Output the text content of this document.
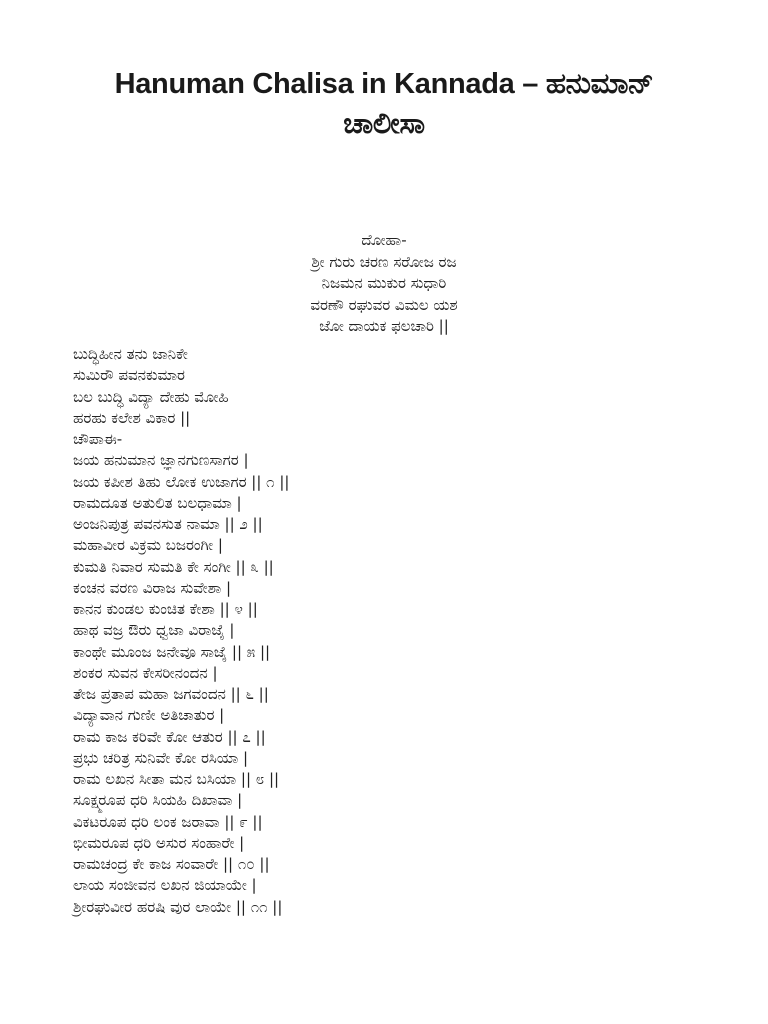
Hanuman Chalisa in Kannada – ಹನುಮಾನ್
ಚಾಲೀಸಾ
ದೋಹಾ-
ಶ್ರೀ ಗುರು ಚರಣ ಸರೋಜ ರಜ
ನಿಜಮನ ಮುಕುರ ಸುಧಾರಿ
ವರಣೌ ರಘುವರ ವಿಮಲ ಯಶ
ಜೋ ದಾಯಕ ಫಲಚಾರಿ ||
ಬುದ್ಧಿಹೀನ ತನು ಜಾನಿಕೇ
ಸುಮಿರೌ ಪವನಕುಮಾರ
ಬಲ ಬುದ್ಧಿ ವಿದ್ಯಾ ದೇಹು ಮೋಹಿ
ಹರಹು ಕಲೇಶ ವಿಕಾರ ||
ಚೌಪಾಈ-
ಜಯ ಹನುಮಾನ ಜ್ಞಾನಗುಣಸಾಗರ |
ಜಯ ಕಪೀಶ ತಿಹು ಲೋಕ ಉಜಾಗರ || ೧ ||
ರಾಮದೂತ ಅತುಲಿತ ಬಲಧಾಮಾ |
ಅಂಜನಿಪುತ್ರ ಪವನಸುತ ನಾಮಾ || ೨ ||
ಮಹಾವೀರ ವಿಕ್ರಮ ಬಜರಂಗೀ |
ಕುಮತಿ ನಿವಾರ ಸುಮತಿ ಕೇ ಸಂಗೀ || ೩ ||
ಕಂಚನ ವರಣ ವಿರಾಜ ಸುವೇಶಾ |
ಕಾನನ ಕುಂಡಲ ಕುಂಚಿತ ಕೇಶಾ || ೪ ||
ಹಾಥ ವಜ್ರ ಔರು ಧ್ವಜಾ ವಿರಾಜೈ |
ಕಾಂಥೇ ಮೂಂಜ ಜನೇವೂ ಸಾಜೈ || ೫ ||
ಶಂಕರ ಸುವನ ಕೇಸರೀನಂದನ |
ತೇಜ ಪ್ರತಾಪ ಮಹಾ ಜಗವಂದನ || ೬ ||
ವಿದ್ಯಾವಾನ ಗುಣೀ ಅತಿಚಾತುರ |
ರಾಮ ಕಾಜ ಕರಿವೇ ಕೋ ಆತುರ || ೭ ||
ಪ್ರಭು ಚರಿತ್ರ ಸುನಿವೇ ಕೋ ರಸಿಯಾ |
ರಾಮ ಲಖನ ಸೀತಾ ಮನ ಬಸಿಯಾ || ೮ ||
ಸೂಕ್ಷ್ಮರೂಪ ಧರಿ ಸಿಯಹಿ ದಿಖಾವಾ |
ವಿಕಟರೂಪ ಧರಿ ಲಂಕ ಜರಾವಾ || ೯ ||
ಭೀಮರೂಪ ಧರಿ ಅಸುರ ಸಂಹಾರೇ |
ರಾಮಚಂದ್ರ ಕೇ ಕಾಜ ಸಂವಾರೇ || ೧೦ ||
ಲಾಯ ಸಂಜೀವನ ಲಖನ ಜಿಯಾಯೇ |
ಶ್ರೀರಘುವೀರ ಹರಷಿ ವುರ ಲಾಯೇ || ೧೧ ||
